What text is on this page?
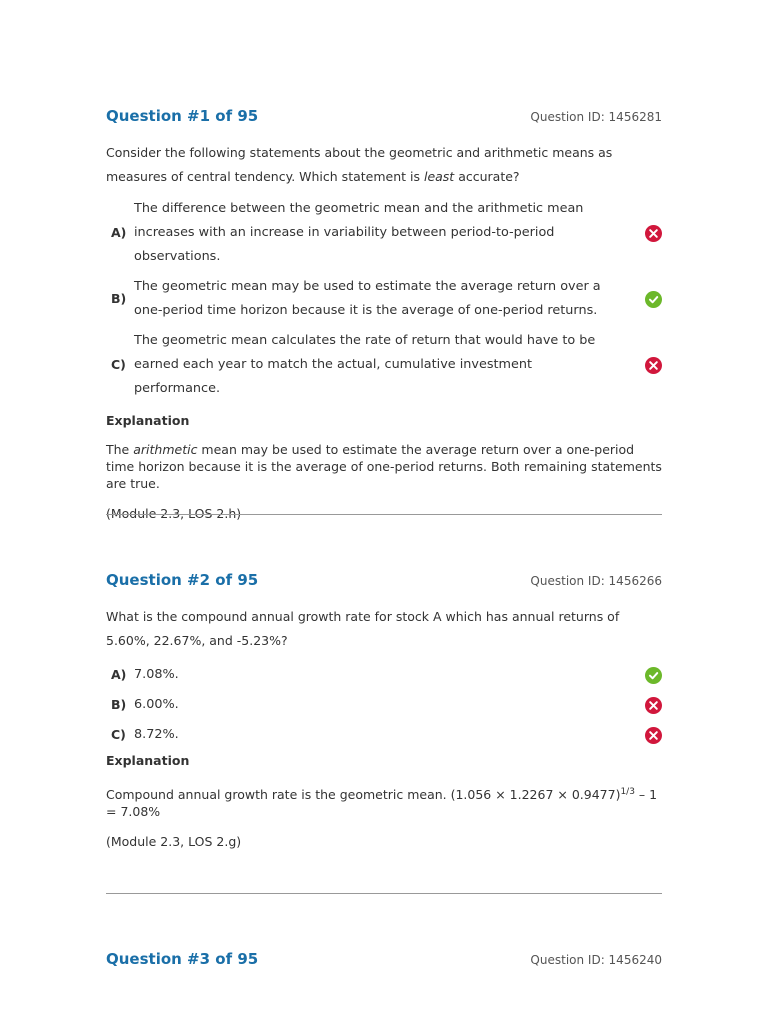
Question #1 of 95	Question ID: 1456281
Consider the following statements about the geometric and arithmetic means as measures of central tendency. Which statement is least accurate?
A)
The difference between the geometric mean and the arithmetic mean increases with an increase in variability between period-to-period observations.
B)
The geometric mean may be used to estimate the average return over a one-period time horizon because it is the average of one-period returns.
C)
The geometric mean calculates the rate of return that would have to be earned each year to match the actual, cumulative investment performance.
Explanation
The arithmetic mean may be used to estimate the average return over a one-period time horizon because it is the average of one-period returns. Both remaining statements are true.
(Module 2.3, LOS 2.h)
Question #2 of 95	Question ID: 1456266
What is the compound annual growth rate for stock A which has annual returns of 5.60%, 22.67%, and -5.23%?
A) 7.08%.
B) 6.00%.
C) 8.72%.
Explanation
Compound annual growth rate is the geometric mean. $(1.056 \times 1.2267 \times 0.9477)^{1/3} - 1 = 7.08\%$
(Module 2.3, LOS 2.g)
Question #3 of 95	Question ID: 1456240
